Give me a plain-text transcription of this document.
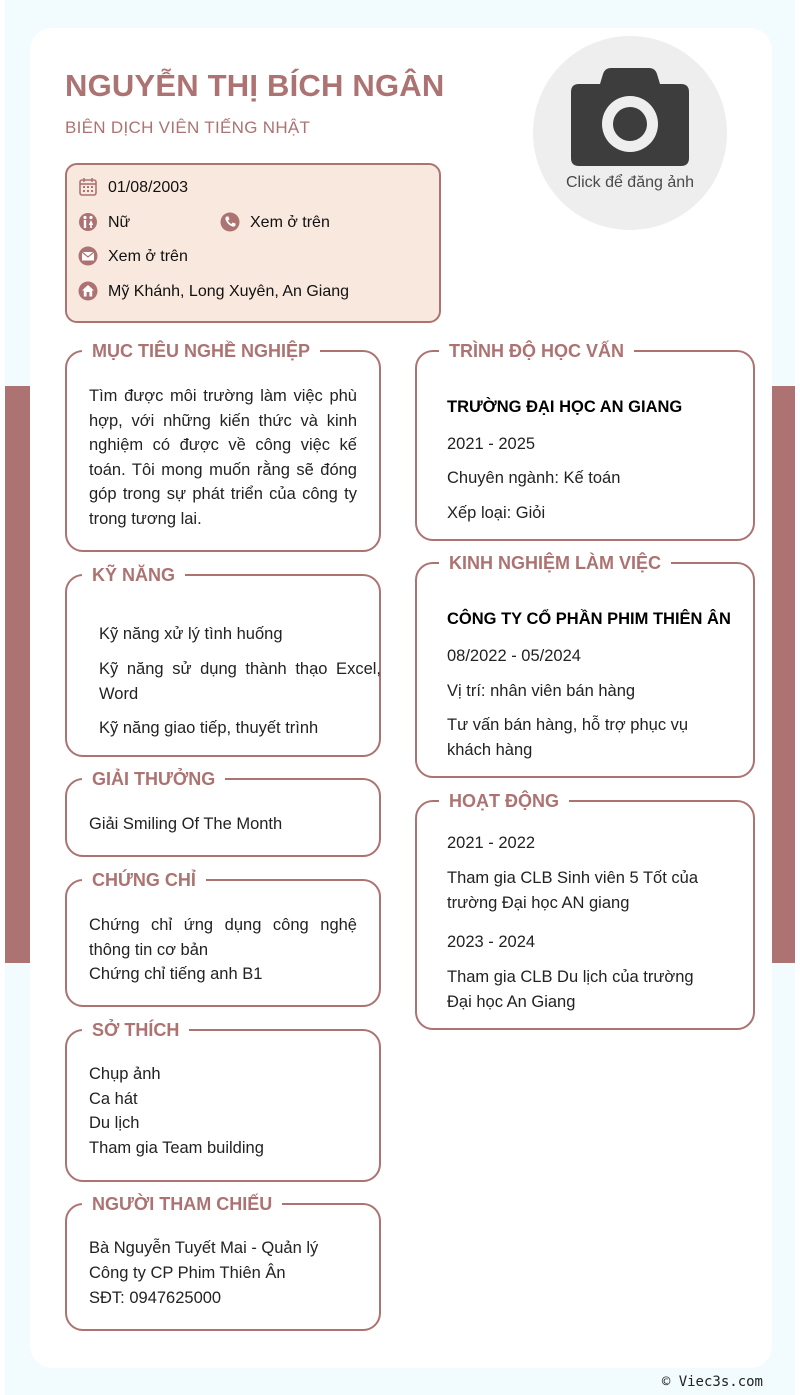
NGUYỄN THỊ BÍCH NGÂN
BIÊN DỊCH VIÊN TIẾNG NHẬT
Click để đăng ảnh
01/08/2003
Nữ	Xem ở trên
Xem ở trên
Mỹ Khánh, Long Xuyên, An Giang
MỤC TIÊU NGHỀ NGHIỆP
Tìm được môi trường làm việc phù hợp, với những kiến thức và kinh nghiệm có được về công việc kế toán. Tôi mong muốn rằng sẽ đóng góp trong sự phát triển của công ty trong tương lai.
KỸ NĂNG
Kỹ năng xử lý tình huống
Kỹ năng sử dụng thành thạo Excel, Word
Kỹ năng giao tiếp, thuyết trình
GIẢI THƯỞNG
Giải Smiling Of The Month
CHỨNG CHỈ
Chứng chỉ ứng dụng công nghệ thông tin cơ bản
Chứng chỉ tiếng anh B1
SỞ THÍCH
Chụp ảnh
Ca hát
Du lịch
Tham gia Team building
NGƯỜI THAM CHIẾU
Bà Nguyễn Tuyết Mai - Quản lý
Công ty CP Phim Thiên Ân
SĐT: 0947625000
TRÌNH ĐỘ HỌC VẤN
TRƯỜNG ĐẠI HỌC AN GIANG
2021 - 2025
Chuyên ngành: Kế toán
Xếp loại: Giỏi
KINH NGHIỆM LÀM VIỆC
CÔNG TY CỔ PHẦN PHIM THIÊN ÂN
08/2022 - 05/2024
Vị trí: nhân viên bán hàng
Tư vấn bán hàng, hỗ trợ phục vụ khách hàng
HOẠT ĐỘNG
2021 - 2022
Tham gia CLB Sinh viên 5 Tốt của trường Đại học AN giang
2023 - 2024
Tham gia CLB Du lịch của trường Đại học An Giang
© Viec3s.com
